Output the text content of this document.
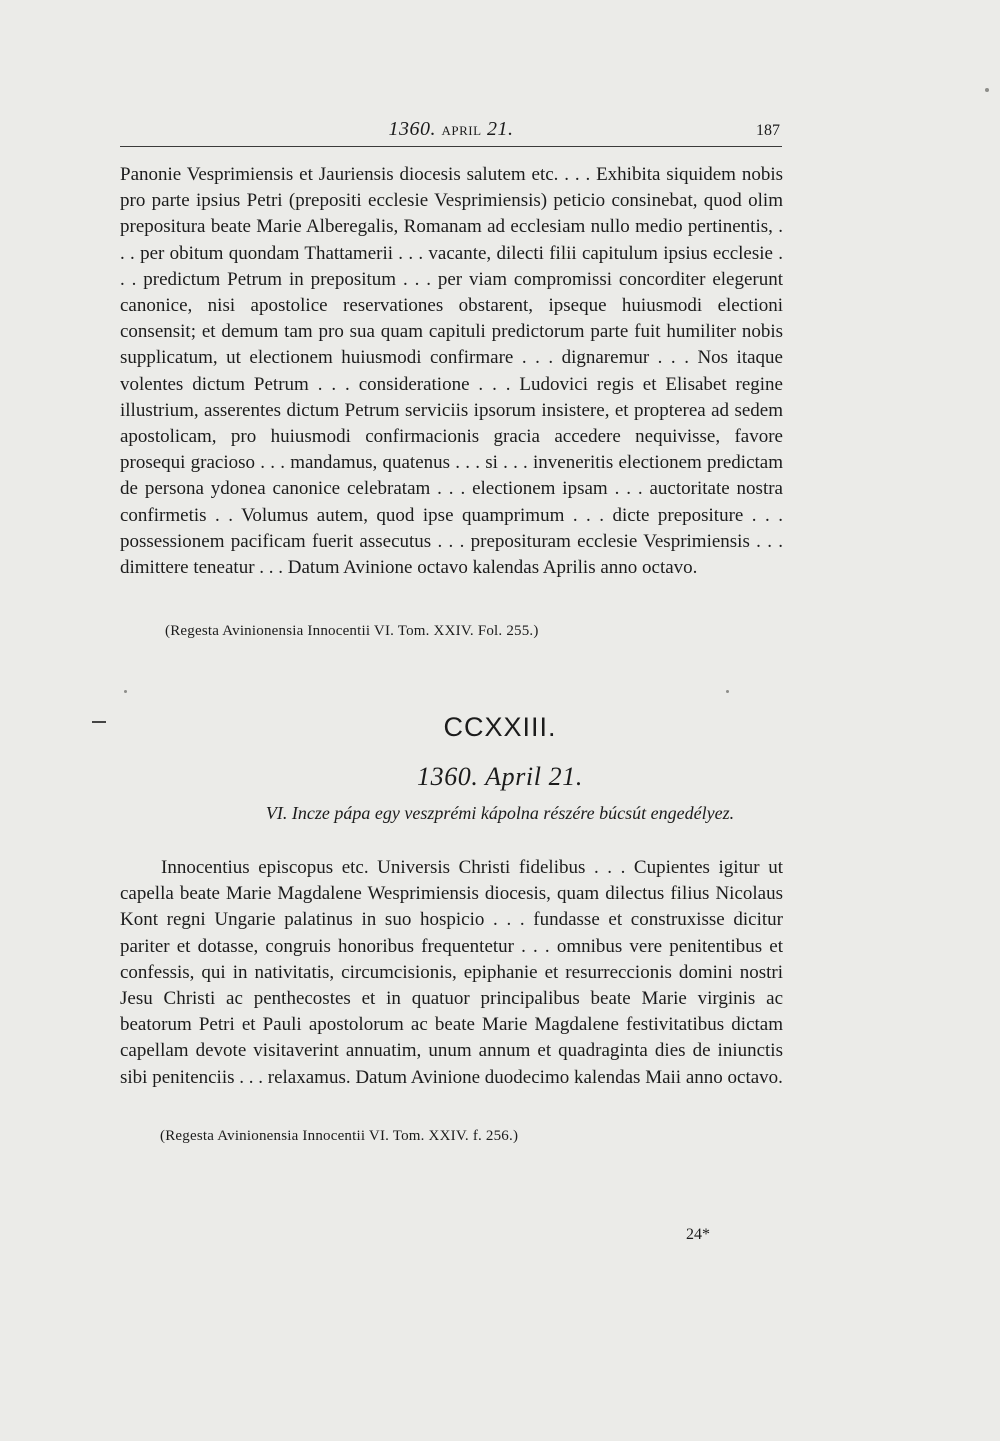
1360. APRIL 21.	187

Panonie Vesprimiensis et Jauriensis diocesis salutem etc. . . . Exhibita siquidem nobis pro parte ipsius Petri (prepositi ecclesie Vesprimiensis) peticio consinebat, quod olim prepositura beate Marie Alberegalis, Romanam ad ecclesiam nullo medio pertinentis, . . . per obitum quondam Thattamerii . . . vacante, dilecti filii capitulum ipsius ecclesie . . . predictum Petrum in prepositum . . . per viam compromissi concorditer elegerunt canonice, nisi apostolice reservationes obstarent, ipseque huiusmodi electioni consensit; et demum tam pro sua quam capituli predictorum parte fuit humiliter nobis supplicatum, ut electionem huiusmodi confirmare . . . dignaremur . . . Nos itaque volentes dictum Petrum . . . consideratione . . . Ludovici regis et Elisabet regine illustrium, asserentes dictum Petrum serviciis ipsorum insistere, et propterea ad sedem apostolicam, pro huiusmodi confirmacionis gracia accedere nequivisse, favore prosequi gracioso . . . mandamus, quatenus . . . si . . . inveneritis electionem predictam de persona ydonea canonice celebratam . . . electionem ipsam . . . auctoritate nostra confirmetis . . Volumus autem, quod ipse quamprimum . . . dicte prepositure . . . possessionem pacificam fuerit assecutus . . . preposituram ecclesie Vesprimiensis . . . dimittere teneatur . . . Datum Avinione octavo kalendas Aprilis anno octavo.

(Regesta Avinionensia Innocentii VI. Tom. XXIV. Fol. 255.)
CCXXIII.
1360. April 21.
VI. Incze pápa egy veszprémi kápolna részére búcsút engedélyez.

Innocentius episcopus etc. Universis Christi fidelibus . . . Cupientes igitur ut capella beate Marie Magdalene Wesprimiensis diocesis, quam dilectus filius Nicolaus Kont regni Ungarie palatinus in suo hospicio . . . fundasse et construxisse dicitur pariter et dotasse, congruis honoribus frequentetur . . . omnibus vere penitentibus et confessis, qui in nativitatis, circumcisionis, epiphanie et resurreccionis domini nostri Jesu Christi ac penthecostes et in quatuor principalibus beate Marie virginis ac beatorum Petri et Pauli apostolorum ac beate Marie Magdalene festivitatibus dictam capellam devote visitaverint annuatim, unum annum et quadraginta dies de iniunctis sibi penitenciis . . . relaxamus. Datum Avinione duodecimo kalendas Maii anno octavo.

(Regesta Avinionensia Innocentii VI. Tom. XXIV. f. 256.)
24*
